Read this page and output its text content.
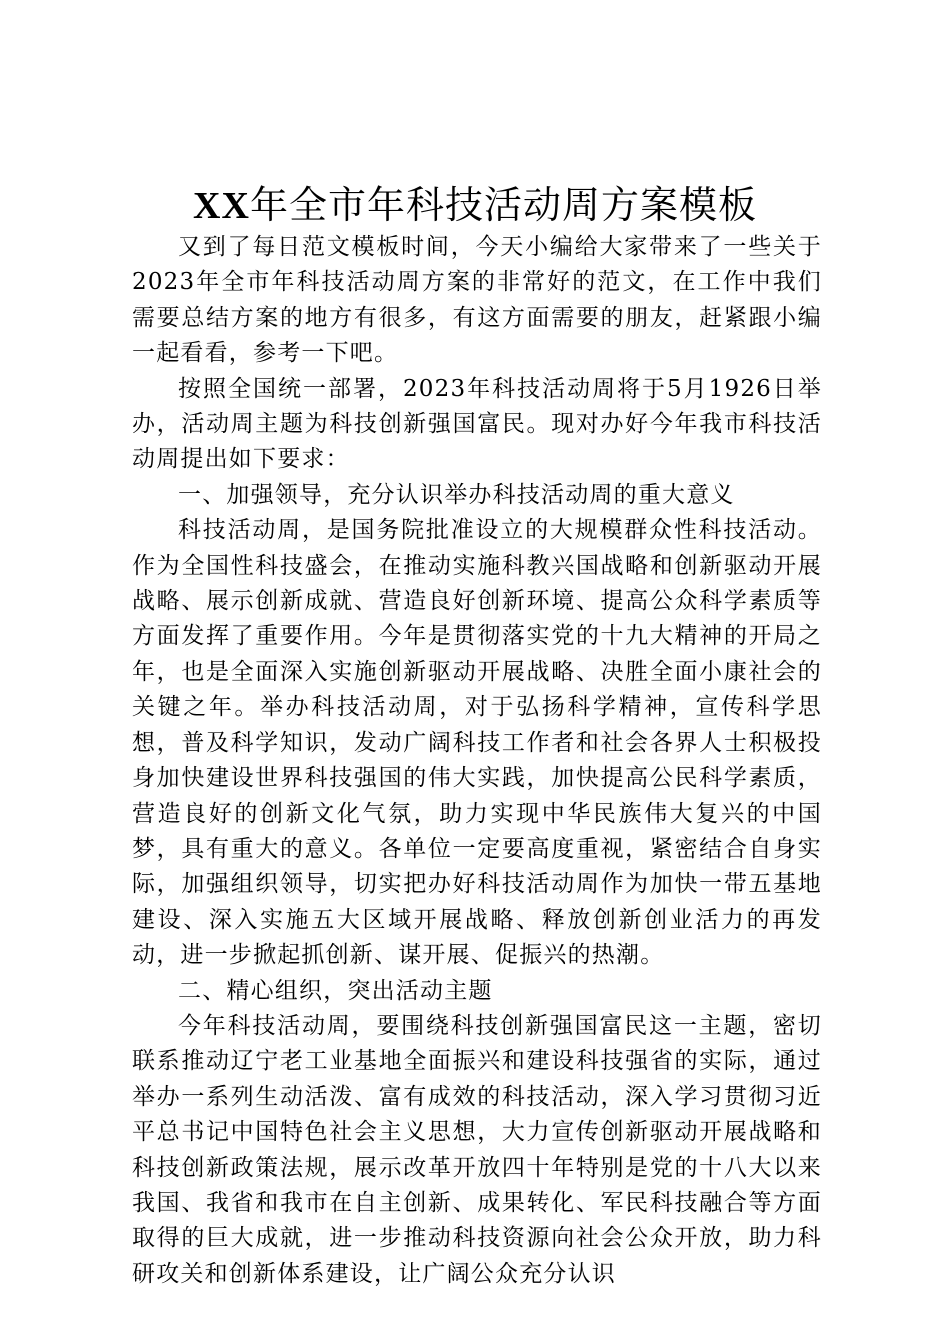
XX年全市年科技活动周方案模板

又到了每日范文模板时间，今天小编给大家带来了一些关于2023年全市年科技活动周方案的非常好的范文，在工作中我们需要总结方案的地方有很多，有这方面需要的朋友，赶紧跟小编一起看看，参考一下吧。

按照全国统一部署，2023年科技活动周将于5月1926日举办，活动周主题为科技创新强国富民。现对办好今年我市科技活动周提出如下要求：

一、加强领导，充分认识举办科技活动周的重大意义

科技活动周，是国务院批准设立的大规模群众性科技活动。作为全国性科技盛会，在推动实施科教兴国战略和创新驱动开展战略、展示创新成就、营造良好创新环境、提高公众科学素质等方面发挥了重要作用。今年是贯彻落实党的十九大精神的开局之年，也是全面深入实施创新驱动开展战略、决胜全面小康社会的关键之年。举办科技活动周，对于弘扬科学精神，宣传科学思想，普及科学知识，发动广阔科技工作者和社会各界人士积极投身加快建设世界科技强国的伟大实践，加快提高公民科学素质，营造良好的创新文化气氛，助力实现中华民族伟大复兴的中国梦，具有重大的意义。各单位一定要高度重视，紧密结合自身实际，加强组织领导，切实把办好科技活动周作为加快一带五基地建设、深入实施五大区域开展战略、释放创新创业活力的再发动，进一步掀起抓创新、谋开展、促振兴的热潮。

二、精心组织，突出活动主题

今年科技活动周，要围绕科技创新强国富民这一主题，密切联系推动辽宁老工业基地全面振兴和建设科技强省的实际，通过举办一系列生动活泼、富有成效的科技活动，深入学习贯彻习近平总书记中国特色社会主义思想，大力宣传创新驱动开展战略和科技创新政策法规，展示改革开放四十年特别是党的十八大以来我国、我省和我市在自主创新、成果转化、军民科技融合等方面取得的巨大成就，进一步推动科技资源向社会公众开放，助力科研攻关和创新体系建设，让广阔公众充分认识
